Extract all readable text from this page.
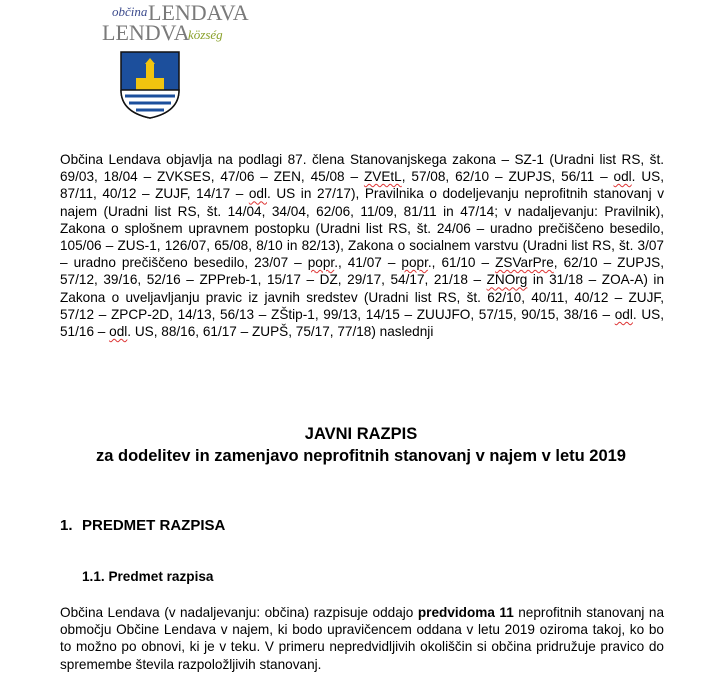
občina LENDAVA
LENDVA
község
Občina Lendava objavlja na podlagi 87. člena Stanovanjskega zakona – SZ-1 (Uradni list RS, št. 69/03, 18/04 – ZVKSES, 47/06 – ZEN, 45/08 – ZVEtL, 57/08, 62/10 – ZUPJS, 56/11 – odl. US, 87/11, 40/12 – ZUJF, 14/17 – odl. US in 27/17), Pravilnika o dodeljevanju neprofitnih stanovanj v najem (Uradni list RS, št. 14/04, 34/04, 62/06, 11/09, 81/11 in 47/14; v nadaljevanju: Pravilnik), Zakona o splošnem upravnem postopku (Uradni list RS, št. 24/06 – uradno prečiščeno besedilo, 105/06 – ZUS-1, 126/07, 65/08, 8/10 in 82/13), Zakona o socialnem varstvu (Uradni list RS, št. 3/07 – uradno prečiščeno besedilo, 23/07 – popr., 41/07 – popr., 61/10 – ZSVarPre, 62/10 – ZUPJS, 57/12, 39/16, 52/16 – ZPPreb-1, 15/17 – DZ, 29/17, 54/17, 21/18 – ZNOrg in 31/18 – ZOA-A) in Zakona o uveljavljanju pravic iz javnih sredstev (Uradni list RS, št. 62/10, 40/11, 40/12 – ZUJF, 57/12 – ZPCP-2D, 14/13, 56/13 – ZŠtip-1, 99/13, 14/15 – ZUUJFO, 57/15, 90/15, 38/16 – odl. US, 51/16 – odl. US, 88/16, 61/17 – ZUPŠ, 75/17, 77/18) naslednji
JAVNI RAZPIS
za dodelitev in zamenjavo neprofitnih stanovanj v najem v letu 2019
1. PREDMET RAZPISA
1.1. Predmet razpisa
Občina Lendava (v nadaljevanju: občina) razpisuje oddajo predvidoma 11 neprofitnih stanovanj na območju Občine Lendava v najem, ki bodo upravičencem oddana v letu 2019 oziroma takoj, ko bo to možno po obnovi, ki je v teku. V primeru nepredvidljivih okoliščin si občina pridružuje pravico do spremembe števila razpoložljivih stanovanj.
